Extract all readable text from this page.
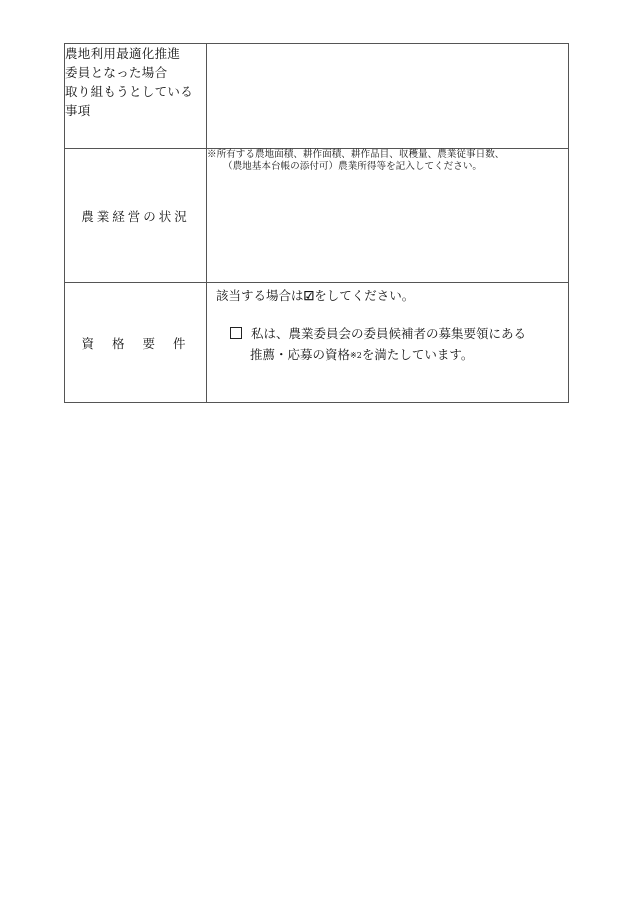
農地利用最適化推進
委員となった場合
取り組もうとしている
事項	

農業経営の状況	※所有する農地面積、耕作面積、耕作品目、収穫量、農業従事日数、
（農地基本台帳の添付可）農業所得等を記入してください。

資格要件	該当する場合は☑をしてください。
私は、農業委員会の委員候補者の募集要領にある
推薦・応募の資格$^{※2}$を満たしています。
